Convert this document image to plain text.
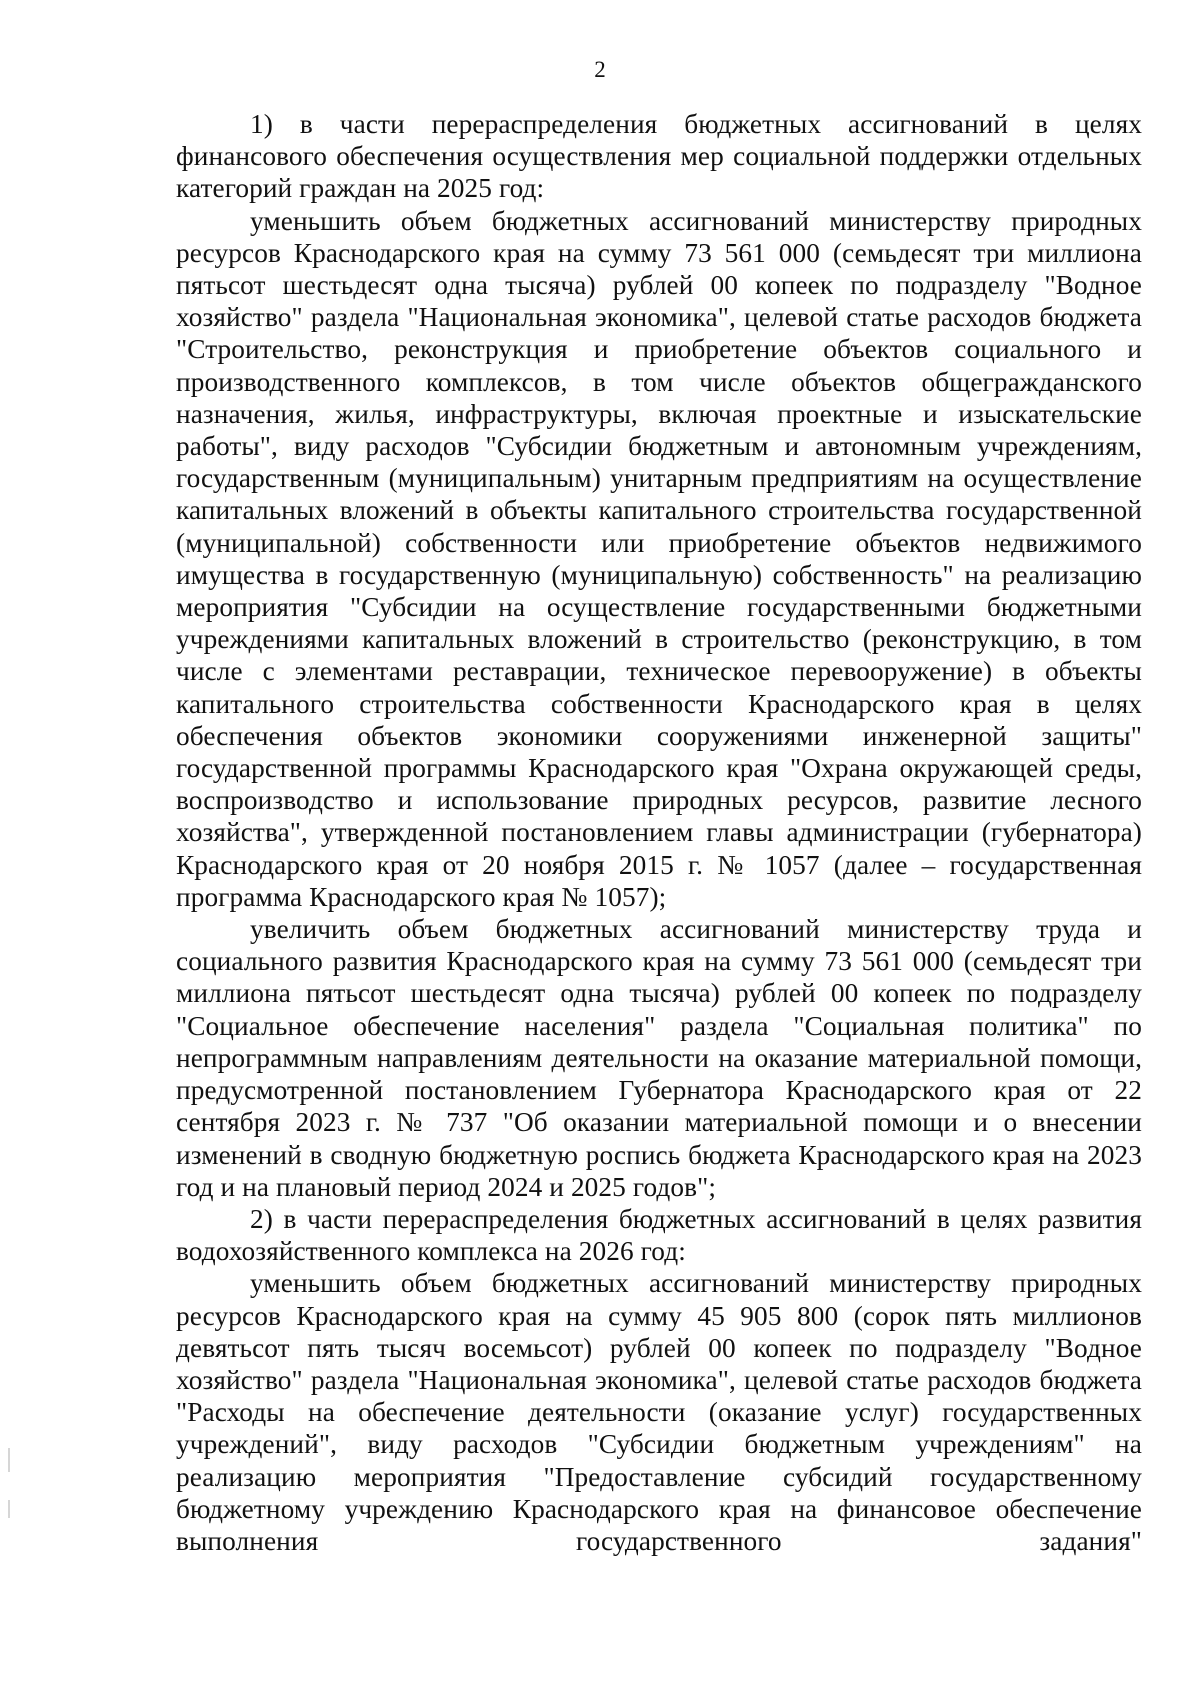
2

1) в части перераспределения бюджетных ассигнований в целях финансового обеспечения осуществления мер социальной поддержки отдельных категорий граждан на 2025 год:

уменьшить объем бюджетных ассигнований министерству природных ресурсов Краснодарского края на сумму 73 561 000 (семьдесят три миллиона пятьсот шестьдесят одна тысяча) рублей 00 копеек по подразделу "Водное хозяйство" раздела "Национальная экономика", целевой статье расходов бюджета "Строительство, реконструкция и приобретение объектов социального и производственного комплексов, в том числе объектов общегражданского назначения, жилья, инфраструктуры, включая проектные и изыскательские работы", виду расходов "Субсидии бюджетным и автономным учреждениям, государственным (муниципальным) унитарным предприятиям на осуществление капитальных вложений в объекты капитального строительства государственной (муниципальной) собственности или приобретение объектов недвижимого имущества в государственную (муниципальную) собственность" на реализацию мероприятия "Субсидии на осуществление государственными бюджетными учреждениями капитальных вложений в строительство (реконструкцию, в том числе с элементами реставрации, техническое перевооружение) в объекты капитального строительства собственности Краснодарского края в целях обеспечения объектов экономики сооружениями инженерной защиты" государственной программы Краснодарского края "Охрана окружающей среды, воспроизводство и использование природных ресурсов, развитие лесного хозяйства", утвержденной постановлением главы администрации (губернатора) Краснодарского края от 20 ноября 2015 г. № 1057 (далее – государственная программа Краснодарского края № 1057);

увеличить объем бюджетных ассигнований министерству труда и социального развития Краснодарского края на сумму 73 561 000 (семьдесят три миллиона пятьсот шестьдесят одна тысяча) рублей 00 копеек по подразделу "Социальное обеспечение населения" раздела "Социальная политика" по непрограммным направлениям деятельности на оказание материальной помощи, предусмотренной постановлением Губернатора Краснодарского края от 22 сентября 2023 г. № 737 "Об оказании материальной помощи и о внесении изменений в сводную бюджетную роспись бюджета Краснодарского края на 2023 год и на плановый период 2024 и 2025 годов";

2) в части перераспределения бюджетных ассигнований в целях развития водохозяйственного комплекса на 2026 год:

уменьшить объем бюджетных ассигнований министерству природных ресурсов Краснодарского края на сумму 45 905 800 (сорок пять миллионов девятьсот пять тысяч восемьсот) рублей 00 копеек по подразделу "Водное хозяйство" раздела "Национальная экономика", целевой статье расходов бюджета "Расходы на обеспечение деятельности (оказание услуг) государственных учреждений", виду расходов "Субсидии бюджетным учреждениям" на реализацию мероприятия "Предоставление субсидий государственному бюджетному учреждению Краснодарского края на финансовое обеспечение выполнения государственного задания"
